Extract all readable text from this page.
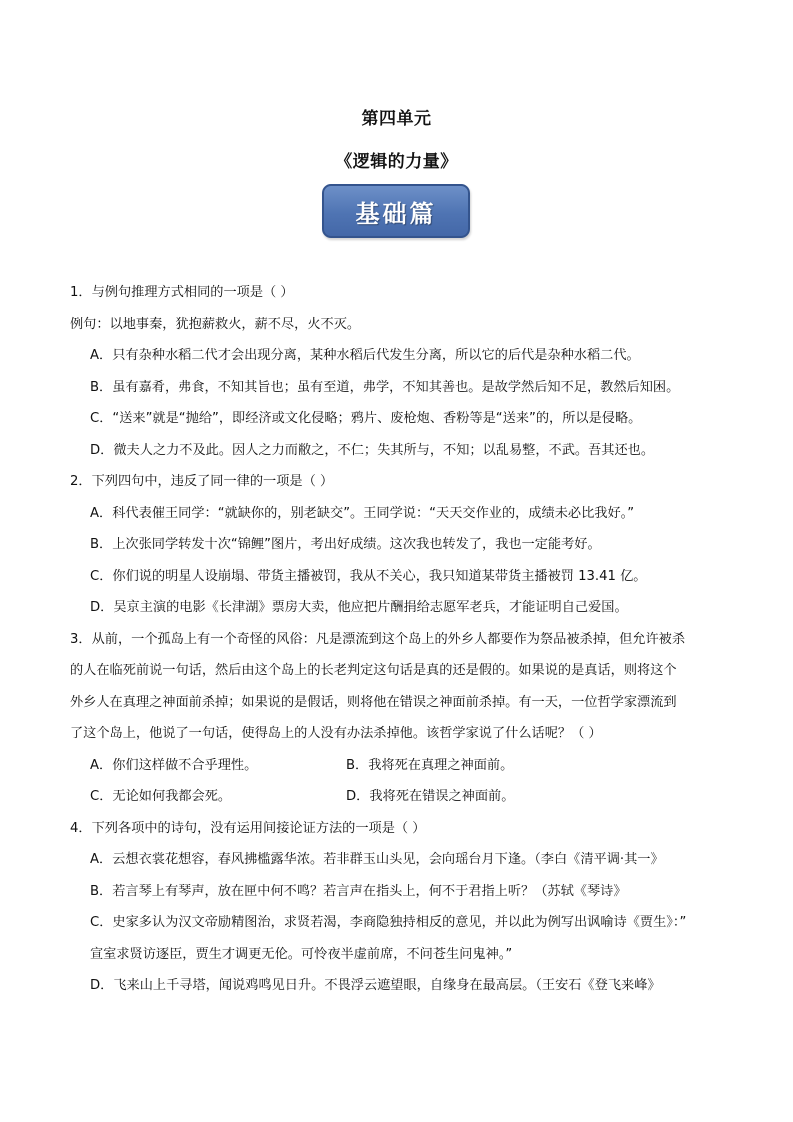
第四单元
《逻辑的力量》
基础篇
1．与例句推理方式相同的一项是（ ）
例句：以地事秦，犹抱薪救火，薪不尽，火不灭。
A．只有杂种水稻二代才会出现分离，某种水稻后代发生分离，所以它的后代是杂种水稻二代。
B．虽有嘉肴，弗食，不知其旨也；虽有至道，弗学，不知其善也。是故学然后知不足，教然后知困。
C．“送来”就是“抛给”，即经济或文化侵略；鸦片、废枪炮、香粉等是“送来”的，所以是侵略。
D．微夫人之力不及此。因人之力而敝之，不仁；失其所与，不知；以乱易整，不武。吾其还也。
2．下列四句中，违反了同一律的一项是（ ）
A．科代表催王同学：“就缺你的，别老缺交”。王同学说：“天天交作业的，成绩未必比我好。”
B．上次张同学转发十次“锦鲤”图片，考出好成绩。这次我也转发了，我也一定能考好。
C．你们说的明星人设崩塌、带货主播被罚，我从不关心，我只知道某带货主播被罚 13.41 亿。
D．吴京主演的电影《长津湖》票房大卖，他应把片酬捐给志愿军老兵，才能证明自己爱国。
3．从前，一个孤岛上有一个奇怪的风俗：凡是漂流到这个岛上的外乡人都要作为祭品被杀掉，但允许被杀
的人在临死前说一句话，然后由这个岛上的长老判定这句话是真的还是假的。如果说的是真话，则将这个
外乡人在真理之神面前杀掉；如果说的是假话，则将他在错误之神面前杀掉。有一天，一位哲学家漂流到
了这个岛上，他说了一句话，使得岛上的人没有办法杀掉他。该哲学家说了什么话呢？（ ）
A．你们这样做不合乎理性。	B．我将死在真理之神面前。
C．无论如何我都会死。	D．我将死在错误之神面前。
4．下列各项中的诗句，没有运用间接论证方法的一项是（ ）
A．云想衣裳花想容，春风拂槛露华浓。若非群玉山头见，会向瑶台月下逢。（李白《清平调·其一》
B．若言琴上有琴声，放在匣中何不鸣？若言声在指头上，何不于君指上听？（苏轼《琴诗》
C．史家多认为汉文帝励精图治，求贤若渴，李商隐独持相反的意见，并以此为例写出讽喻诗《贾生》：”
宣室求贤访逐臣，贾生才调更无伦。可怜夜半虚前席，不问苍生问鬼神。”
D．飞来山上千寻塔，闻说鸡鸣见日升。不畏浮云遮望眼，自缘身在最高层。（王安石《登飞来峰》
